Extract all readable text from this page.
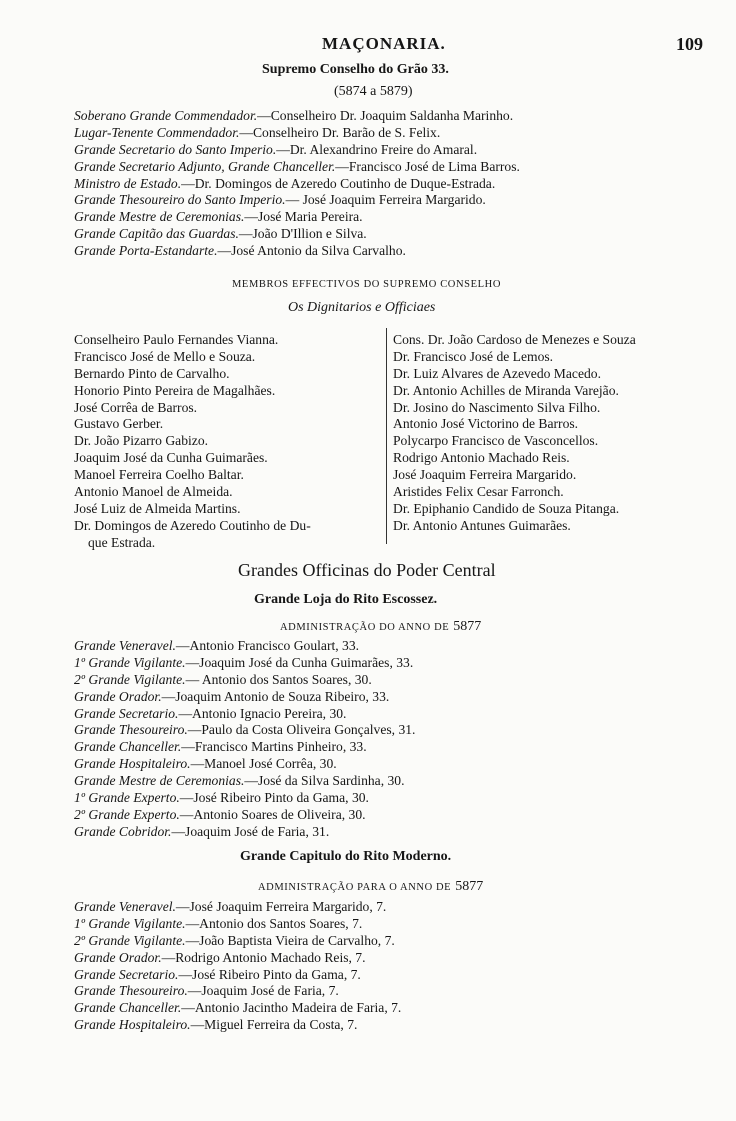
MAÇONARIA.	109
Supremo Conselho do Grão 33.
(5874 a 5879)
Soberano Grande Commendador.—Conselheiro Dr. Joaquim Saldanha Marinho.
Lugar-Tenente Commendador.—Conselheiro Dr. Barão de S. Felix.
Grande Secretario do Santo Imperio.—Dr. Alexandrino Freire do Amaral.
Grande Secretario Adjunto, Grande Chanceller.—Francisco José de Lima Barros.
Ministro de Estado.—Dr. Domingos de Azeredo Coutinho de Duque-Estrada.
Grande Thesoureiro do Santo Imperio.— José Joaquim Ferreira Margarido.
Grande Mestre de Ceremonias.—José Maria Pereira.
Grande Capitão das Guardas.—João D'Illion e Silva.
Grande Porta-Estandarte.—José Antonio da Silva Carvalho.
MEMBROS EFFECTIVOS DO SUPREMO CONSELHO
Os Dignitarios e Officiaes
Conselheiro Paulo Fernandes Vianna.
Francisco José de Mello e Souza.
Bernardo Pinto de Carvalho.
Honorio Pinto Pereira de Magalhães.
José Corrêa de Barros.
Gustavo Gerber.
Dr. João Pizarro Gabizo.
Joaquim José da Cunha Guimarães.
Manoel Ferreira Coelho Baltar.
Antonio Manoel de Almeida.
José Luiz de Almeida Martins.
Dr. Domingos de Azeredo Coutinho de Du-
que Estrada.
Cons. Dr. João Cardoso de Menezes e Souza
Dr. Francisco José de Lemos.
Dr. Luiz Alvares de Azevedo Macedo.
Dr. Antonio Achilles de Miranda Varejão.
Dr. Josino do Nascimento Silva Filho.
Antonio José Victorino de Barros.
Polycarpo Francisco de Vasconcellos.
Rodrigo Antonio Machado Reis.
José Joaquim Ferreira Margarido.
Aristides Felix Cesar Farronch.
Dr. Epiphanio Candido de Souza Pitanga.
Dr. Antonio Antunes Guimarães.
Grandes Officinas do Poder Central
Grande Loja do Rito Escossez.
ADMINISTRAÇÃO DO ANNO DE 5877
Grande Veneravel.—Antonio Francisco Goulart, 33.
1º Grande Vigilante.—Joaquim José da Cunha Guimarães, 33.
2º Grande Vigilante.— Antonio dos Santos Soares, 30.
Grande Orador.—Joaquim Antonio de Souza Ribeiro, 33.
Grande Secretario.—Antonio Ignacio Pereira, 30.
Grande Thesoureiro.—Paulo da Costa Oliveira Gonçalves, 31.
Grande Chanceller.—Francisco Martins Pinheiro, 33.
Grande Hospitaleiro.—Manoel José Corrêa, 30.
Grande Mestre de Ceremonias.—José da Silva Sardinha, 30.
1º Grande Experto.—José Ribeiro Pinto da Gama, 30.
2º Grande Experto.—Antonio Soares de Oliveira, 30.
Grande Cobridor.—Joaquim José de Faria, 31.
Grande Capitulo do Rito Moderno.
ADMINISTRAÇÃO PARA O ANNO DE 5877
Grande Veneravel.—José Joaquim Ferreira Margarido, 7.
1º Grande Vigilante.—Antonio dos Santos Soares, 7.
2º Grande Vigilante.—João Baptista Vieira de Carvalho, 7.
Grande Orador.—Rodrigo Antonio Machado Reis, 7.
Grande Secretario.—José Ribeiro Pinto da Gama, 7.
Grande Thesoureiro.—Joaquim José de Faria, 7.
Grande Chanceller.—Antonio Jacintho Madeira de Faria, 7.
Grande Hospitaleiro.—Miguel Ferreira da Costa, 7.
